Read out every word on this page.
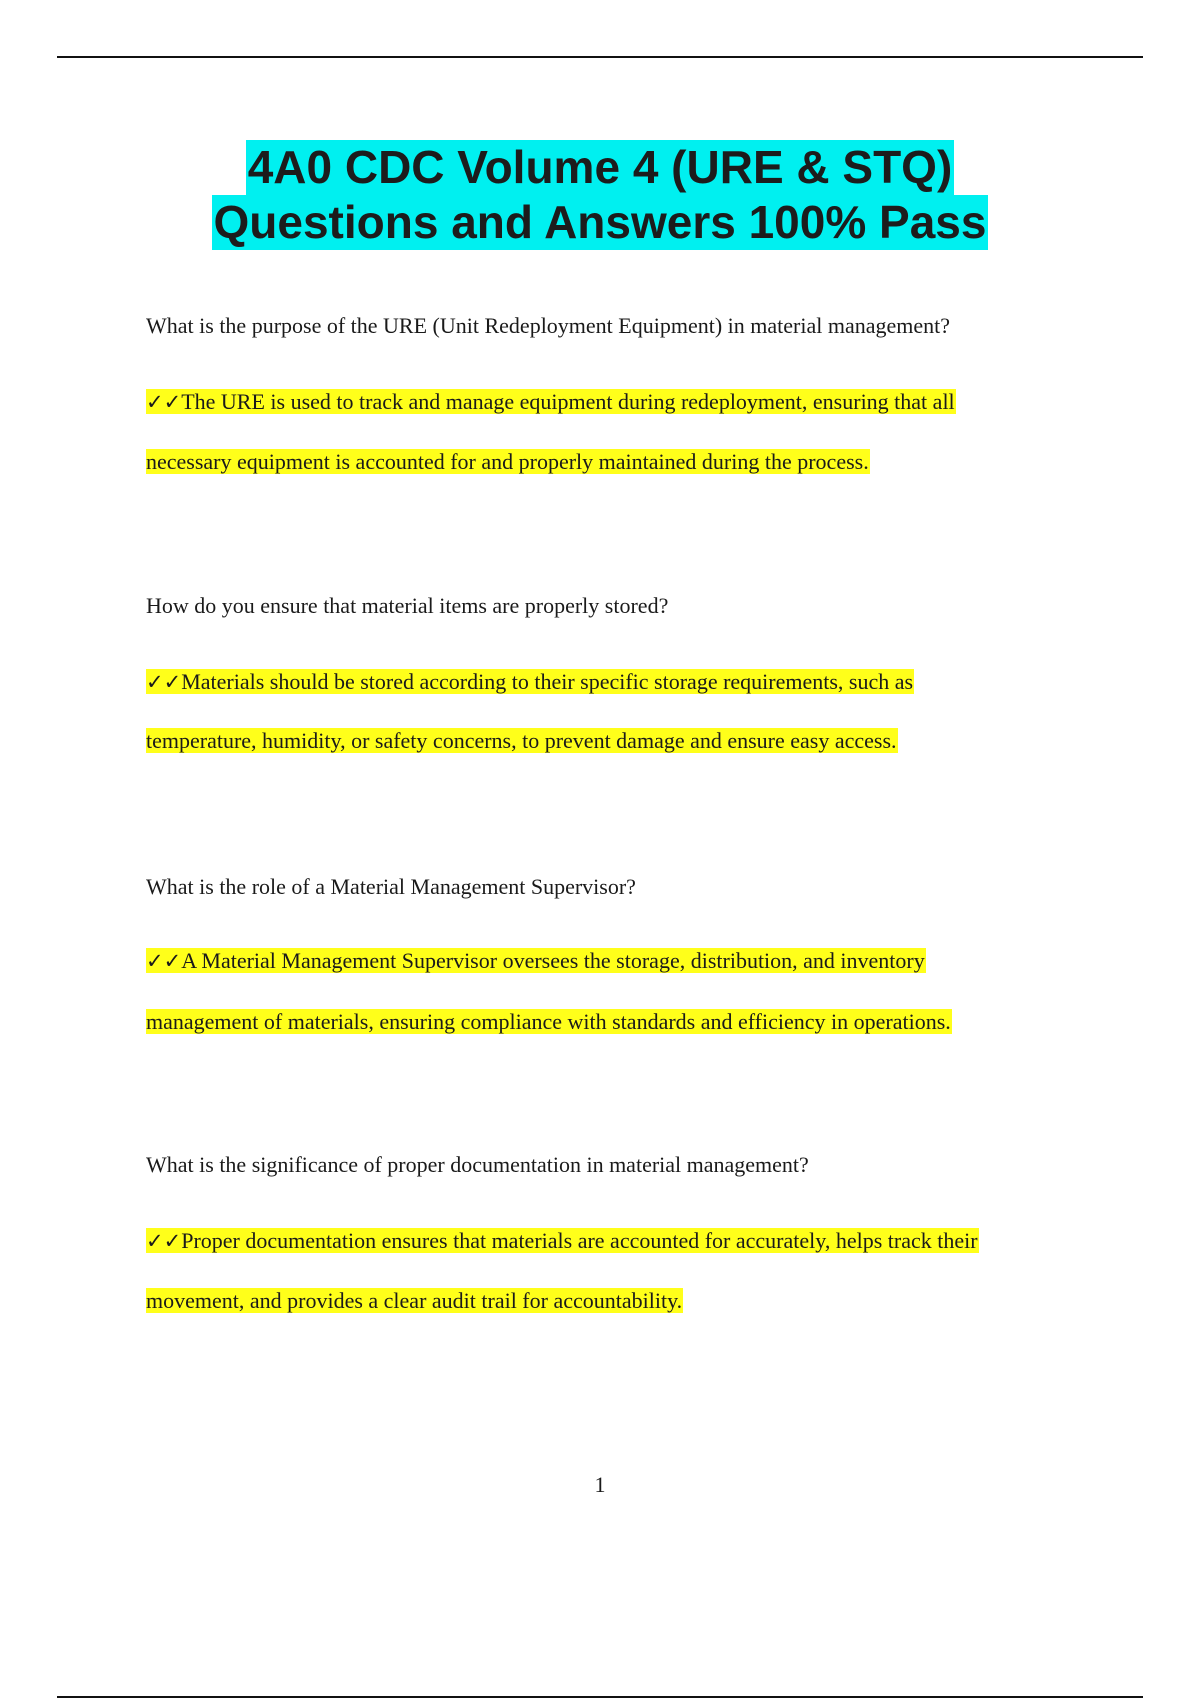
4A0 CDC Volume 4 (URE & STQ)
Questions and Answers 100% Pass
What is the purpose of the URE (Unit Redeployment Equipment) in material management?
✓✓The URE is used to track and manage equipment during redeployment, ensuring that all
necessary equipment is accounted for and properly maintained during the process.
How do you ensure that material items are properly stored?
✓✓Materials should be stored according to their specific storage requirements, such as
temperature, humidity, or safety concerns, to prevent damage and ensure easy access.
What is the role of a Material Management Supervisor?
✓✓A Material Management Supervisor oversees the storage, distribution, and inventory
management of materials, ensuring compliance with standards and efficiency in operations.
What is the significance of proper documentation in material management?
✓✓Proper documentation ensures that materials are accounted for accurately, helps track their
movement, and provides a clear audit trail for accountability.
1
